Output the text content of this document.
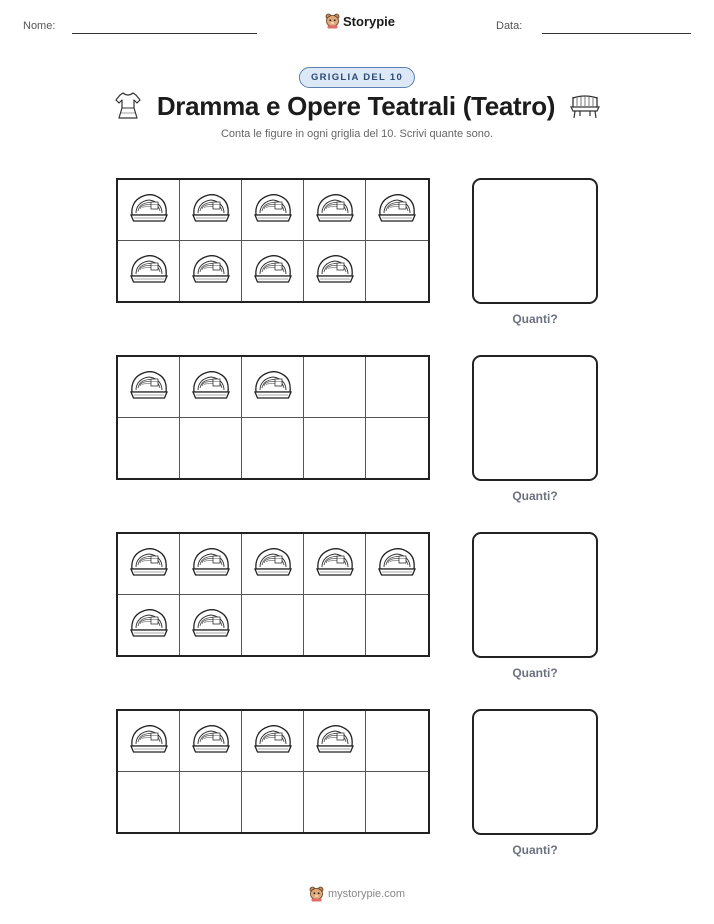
Nome:	Storypie	Data:
GRIGLIA DEL 10
Dramma e Opere Teatrali (Teatro)
Conta le figure in ogni griglia del 10. Scrivi quante sono.
Quanti?
Quanti?
Quanti?
Quanti?
mystorypie.com
